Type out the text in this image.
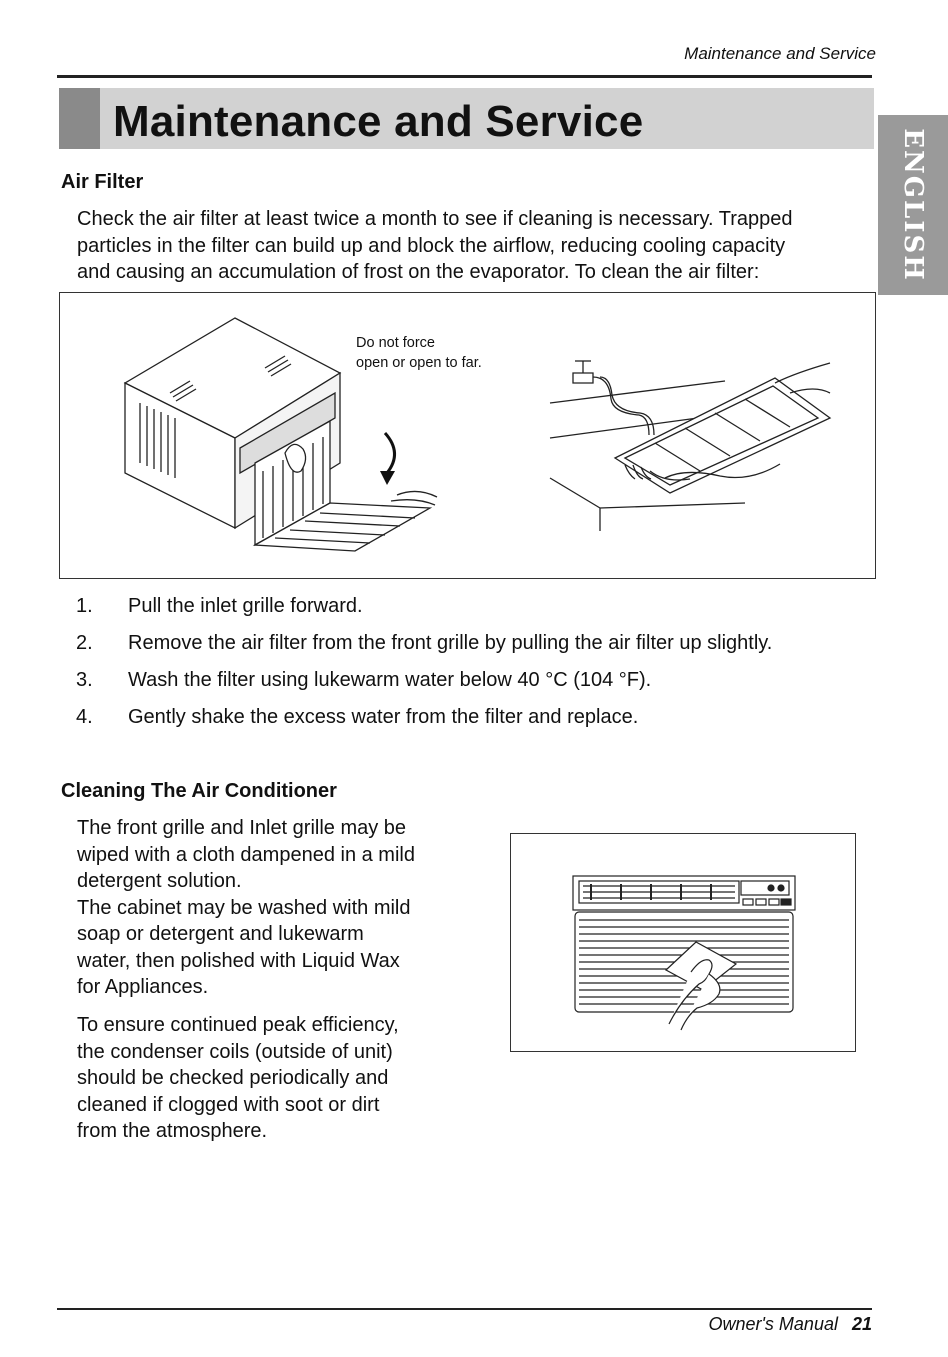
Maintenance and Service
Maintenance and Service
ENGLISH
Air Filter
Check the air filter at least twice a month to see if cleaning is necessary. Trapped
particles in the filter can build up and block the airflow, reducing cooling capacity
and causing an accumulation of frost on the evaporator. To clean the air filter:
Do not force
open or open to far.
1. Pull the inlet grille forward.
2. Remove the air filter from the front grille by pulling the air filter up slightly.
3. Wash the filter using lukewarm water below 40 °C (104 °F).
4. Gently shake the excess water from the filter and replace.
Cleaning The Air Conditioner
The front grille and Inlet grille may be
wiped with a cloth dampened in a mild
detergent solution.
The cabinet may be washed with mild
soap or detergent and lukewarm
water, then polished with Liquid Wax
for Appliances.
To ensure continued peak efficiency,
the condenser coils (outside of unit)
should be checked periodically and
cleaned if clogged with soot or dirt
from the atmosphere.
Owner's Manual 21
